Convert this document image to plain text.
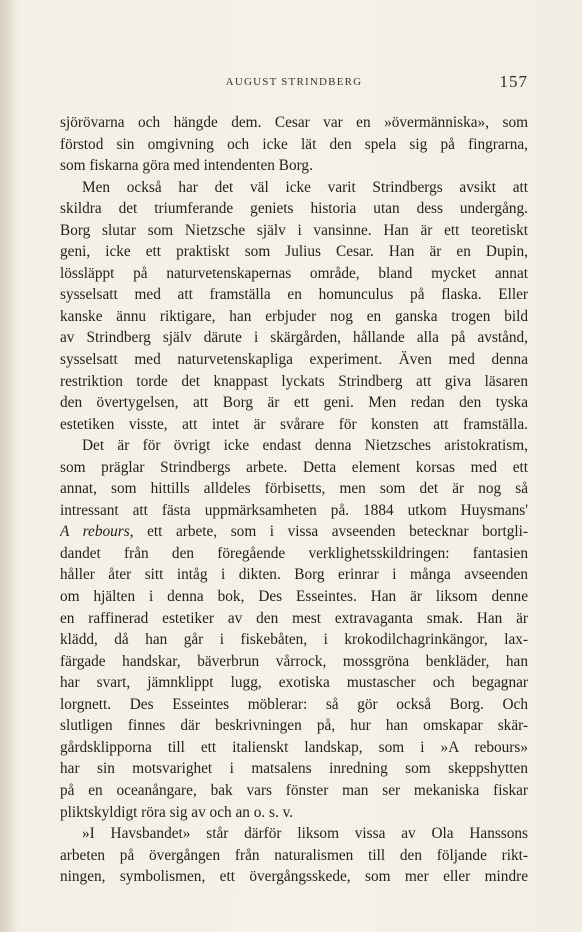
AUGUST STRINDBERG	157
sjörövarna och hängde dem. Cesar var en »övermänniska», som
förstod sin omgivning och icke lät den spela sig på fingrarna,
som fiskarna göra med intendenten Borg.
Men också har det väl icke varit Strindbergs avsikt att
skildra det triumferande geniets historia utan dess undergång.
Borg slutar som Nietzsche själv i vansinne. Han är ett teoretiskt
geni, icke ett praktiskt som Julius Cesar. Han är en Dupin,
lössläppt på naturvetenskapernas område, bland mycket annat
sysselsatt med att framställa en homunculus på flaska. Eller
kanske ännu riktigare, han erbjuder nog en ganska trogen bild
av Strindberg själv därute i skärgården, hållande alla på avstånd,
sysselsatt med naturvetenskapliga experiment. Även med denna
restriktion torde det knappast lyckats Strindberg att giva läsaren
den övertygelsen, att Borg är ett geni. Men redan den tyska
estetiken visste, att intet är svårare för konsten att framställa.
Det är för övrigt icke endast denna Nietzsches aristokratism,
som präglar Strindbergs arbete. Detta element korsas med ett
annat, som hittills alldeles förbisetts, men som det är nog så
intressant att fästa uppmärksamheten på. 1884 utkom Huysmans'
A rebours, ett arbete, som i vissa avseenden betecknar bortgli-
dandet från den föregående verklighetsskildringen: fantasien
håller åter sitt intåg i dikten. Borg erinrar i många avseenden
om hjälten i denna bok, Des Esseintes. Han är liksom denne
en raffinerad estetiker av den mest extravaganta smak. Han är
klädd, då han går i fiskebåten, i krokodilchagrinkängor, lax-
färgade handskar, bäverbrun vårrock, mossgröna benkläder, han
har svart, jämnklippt lugg, exotiska mustascher och begagnar
lorgnett. Des Esseintes möblerar: så gör också Borg. Och
slutligen finnes där beskrivningen på, hur han omskapar skär-
gårdsklipporna till ett italienskt landskap, som i »A rebours»
har sin motsvarighet i matsalens inredning som skeppshytten
på en oceanångare, bak vars fönster man ser mekaniska fiskar
pliktskyldigt röra sig av och an o. s. v.
»I Havsbandet» står därför liksom vissa av Ola Hanssons
arbeten på övergången från naturalismen till den följande rikt-
ningen, symbolismen, ett övergångsskede, som mer eller mindre
